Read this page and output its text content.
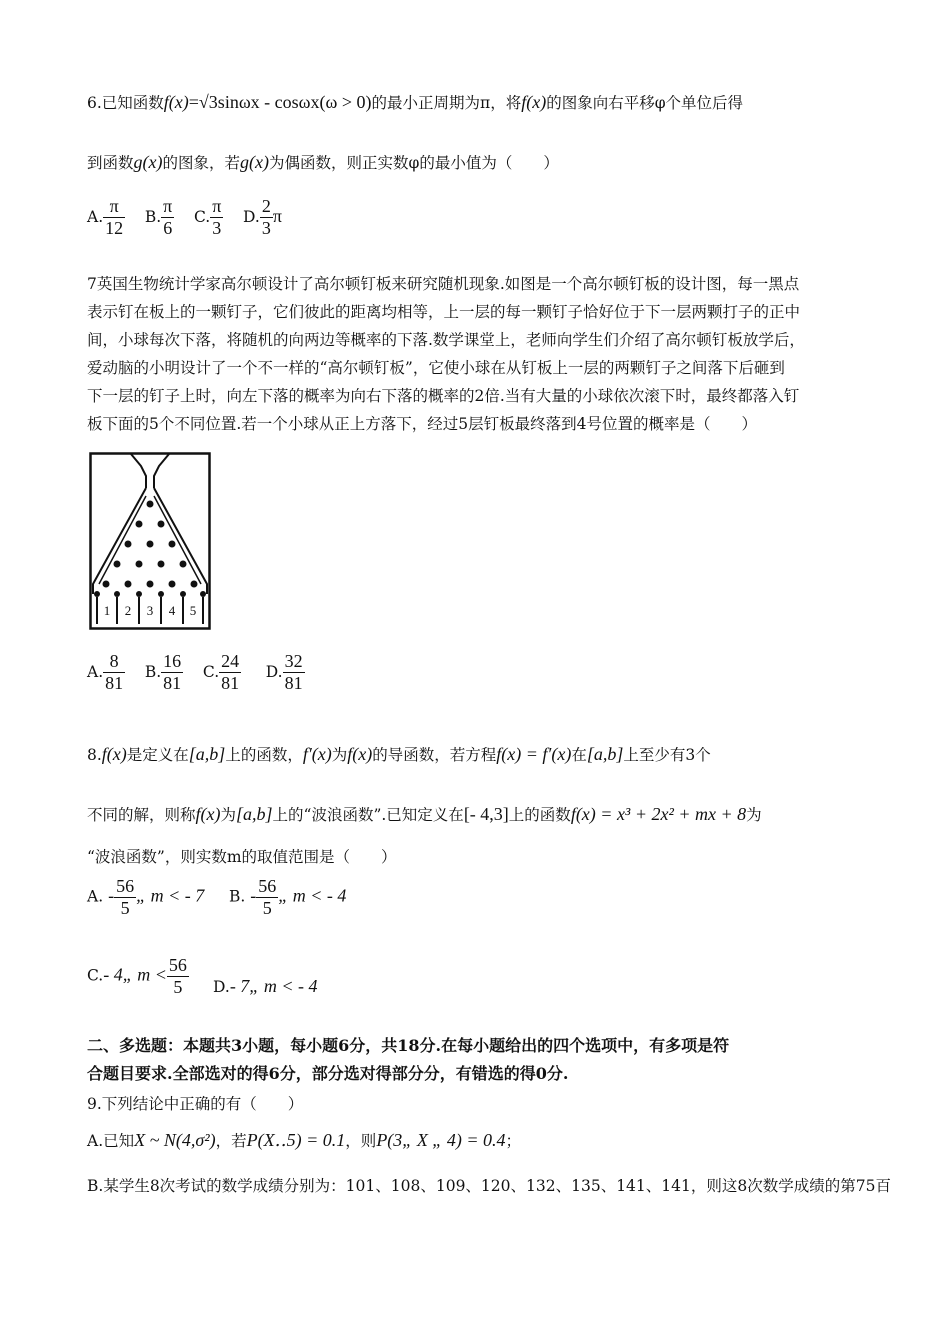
6.已知函数f(x)=√3sinωx - cosωx(ω > 0)的最小正周期为π，将f(x)的图象向右平移φ个单位后得
到函数g(x)的图象，若g(x)为偶函数，则正实数φ的最小值为（　　）
A. $\frac{\pi}{12} B$. $\frac{\pi}{6} C$. $\frac{\pi}{3} D$. $\frac{2}{3}$ π
7英国生物统计学家高尔顿设计了高尔顿钉板来研究随机现象.如图是一个高尔顿钉板的设计图，每一黑点
表示钉在板上的一颗钉子，它们彼此的距离均相等，上一层的每一颗钉子恰好位于下一层两颗打子的正中
间，小球每次下落，将随机的向两边等概率的下落.数学课堂上，老师向学生们介绍了高尔顿钉板放学后，
爱动脑的小明设计了一个不一样的“高尔顿钉板”，它使小球在从钉板上一层的两颗钉子之间落下后砸到
下一层的钉子上时，向左下落的概率为向右下落的概率的2倍.当有大量的小球依次滚下时，最终都落入钉
板下面的5个不同位置.若一个小球从正上方落下，经过5层钉板最终落到4号位置的概率是（　　）
1 2 3 4 5
A. $\frac{8}{81} B$. $\frac{16}{81} C$. $\frac{24}{81} D$. $\frac{32}{81}$
8.f(x)是定义在[a,b]上的函数，f′(x)为f(x)的导函数，若方程f(x) = f′(x)在[a,b]上至少有3个
不同的解，则称f(x)为[a,b]上的“波浪函数”.已知定义在[- 4,3]上的函数f(x) = x³ + 2x² + mx + 8为
“波浪函数”，则实数m的取值范围是（　　）
A. - $\frac{56}{5}$ „ m < - 7 B. - $\frac{56}{5}$ „ m < - 4
C.- 4„ $m < \frac{56}{5} D.-$ 7„ m < - 4
二、多选题：本题共3小题，每小题6分，共18分.在每小题给出的四个选项中，有多项是符
合题目要求.全部选对的得6分，部分选对得部分分，有错选的得0分.
9.下列结论中正确的有（　　）
A.已知X ~ N(4,σ²)，若P(X‥5) = 0.1，则P(3„ X „ 4) = 0.4；
B.某学生8次考试的数学成绩分别为：101、108、109、120、132、135、141、141，则这8次数学成绩的第75百
